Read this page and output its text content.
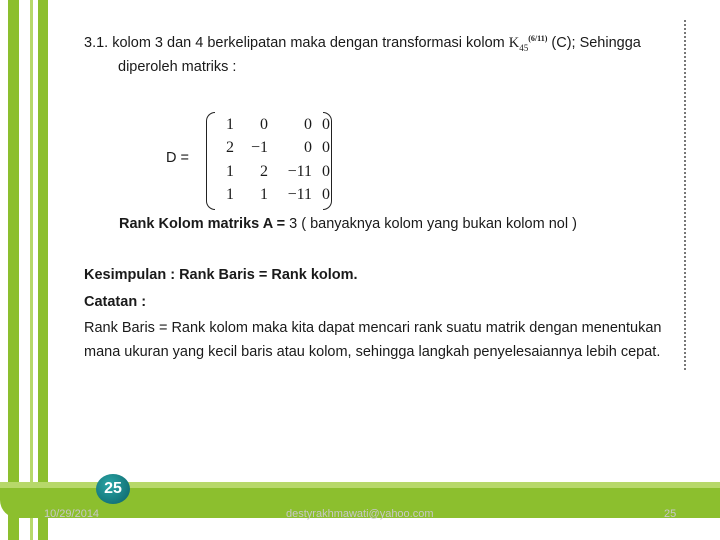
3.1. kolom 3 dan 4 berkelipatan maka dengan transformasi kolom $K_{45}^{(6/11)}$ (C); Sehingga
diperoleh matriks :
D =
1	0	0	0
2	−1	0	0
1	2	−11	0
1	1	−11	0
Rank Kolom matriks A = 3 ( banyaknya kolom yang bukan kolom nol )
Kesimpulan : Rank Baris = Rank kolom.
Catatan :
Rank Baris = Rank kolom maka kita dapat mencari rank suatu matrik dengan menentukan
mana ukuran yang kecil baris atau kolom, sehingga langkah penyelesaiannya lebih cepat.
25
10/29/2014	destyrakhmawati@yahoo.com	25
